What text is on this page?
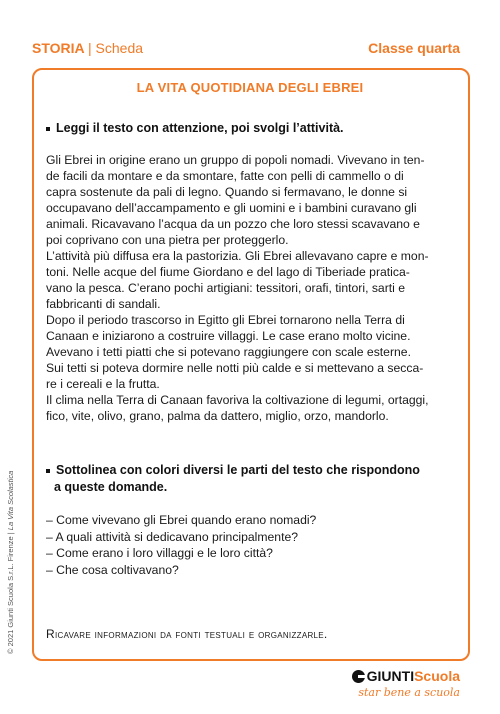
STORIA | Scheda	Classe quarta
LA VITA QUOTIDIANA DEGLI EBREI
Leggi il testo con attenzione, poi svolgi l’attività.

Gli Ebrei in origine erano un gruppo di popoli nomadi. Vivevano in ten-

de facili da montare e da smontare, fatte con pelli di cammello o di

capra sostenute da pali di legno. Quando si fermavano, le donne si

occupavano dell’accampamento e gli uomini e i bambini curavano gli

animali. Ricavavano l’acqua da un pozzo che loro stessi scavavano e

poi coprivano con una pietra per proteggerlo.

L’attività più diffusa era la pastorizia. Gli Ebrei allevavano capre e mon-

toni. Nelle acque del fiume Giordano e del lago di Tiberiade pratica-

vano la pesca. C’erano pochi artigiani: tessitori, orafi, tintori, sarti e

fabbricanti di sandali.

Dopo il periodo trascorso in Egitto gli Ebrei tornarono nella Terra di

Canaan e iniziarono a costruire villaggi. Le case erano molto vicine.

Avevano i tetti piatti che si potevano raggiungere con scale esterne.

Sui tetti si poteva dormire nelle notti più calde e si mettevano a secca-

re i cereali e la frutta.

Il clima nella Terra di Canaan favoriva la coltivazione di legumi, ortaggi,

fico, vite, olivo, grano, palma da dattero, miglio, orzo, mandorlo.

Sottolinea con colori diversi le parti del testo che rispondono
a queste domande.
– Come vivevano gli Ebrei quando erano nomadi?
– A quali attività si dedicavano principalmente?
– Come erano i loro villaggi e le loro città?
– Che cosa coltivavano?
Ricavare informazioni da fonti testuali e organizzarle.
© 2021 Giunti Scuola S.r.L. Firenze | La Vita Scolastica
GIUNTIScuola
star bene a scuola
